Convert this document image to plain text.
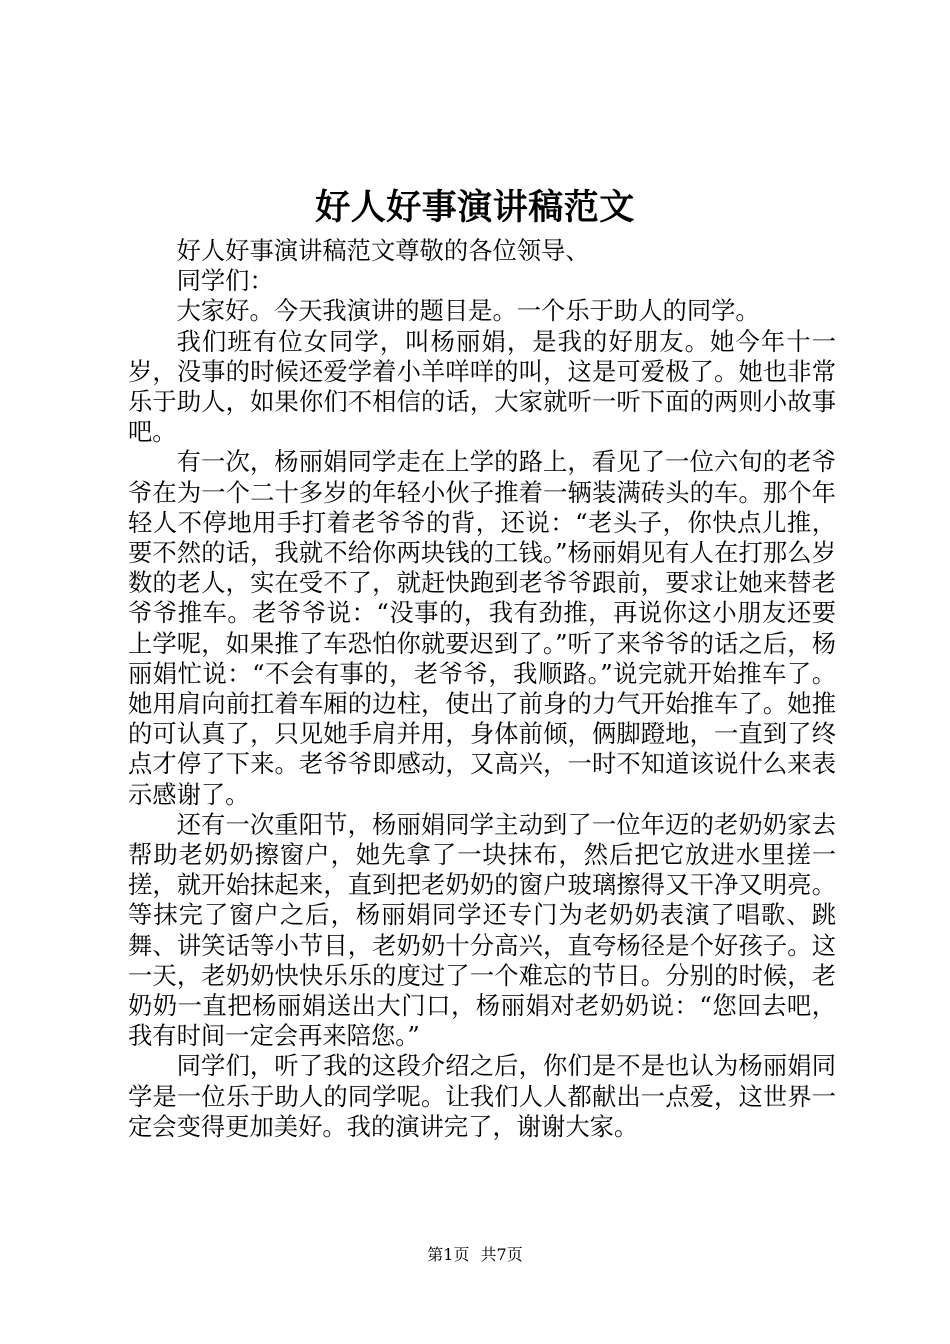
好人好事演讲稿范文

好人好事演讲稿范文尊敬的各位领导、

同学们：

大家好。今天我演讲的题目是。一个乐于助人的同学。

我们班有位女同学，叫杨丽娟，是我的好朋友。她今年十一岁，没事的时候还爱学着小羊咩咩的叫，这是可爱极了。她也非常乐于助人，如果你们不相信的话，大家就听一听下面的两则小故事吧。

有一次，杨丽娟同学走在上学的路上，看见了一位六旬的老爷爷在为一个二十多岁的年轻小伙子推着一辆装满砖头的车。那个年轻人不停地用手打着老爷爷的背，还说：“老头子，你快点儿推，要不然的话，我就不给你两块钱的工钱。”杨丽娟见有人在打那么岁数的老人，实在受不了，就赶快跑到老爷爷跟前，要求让她来替老爷爷推车。老爷爷说：“没事的，我有劲推，再说你这小朋友还要上学呢，如果推了车恐怕你就要迟到了。”听了来爷爷的话之后，杨丽娟忙说：“不会有事的，老爷爷，我顺路。”说完就开始推车了。她用肩向前扛着车厢的边柱，使出了前身的力气开始推车了。她推的可认真了，只见她手肩并用，身体前倾，俩脚蹬地，一直到了终点才停了下来。老爷爷即感动，又高兴，一时不知道该说什么来表示感谢了。

还有一次重阳节，杨丽娟同学主动到了一位年迈的老奶奶家去帮助老奶奶擦窗户，她先拿了一块抹布，然后把它放进水里搓一搓，就开始抹起来，直到把老奶奶的窗户玻璃擦得又干净又明亮。等抹完了窗户之后，杨丽娟同学还专门为老奶奶表演了唱歌、跳舞、讲笑话等小节目，老奶奶十分高兴，直夸杨径是个好孩子。这一天，老奶奶快快乐乐的度过了一个难忘的节日。分别的时候，老奶奶一直把杨丽娟送出大门口，杨丽娟对老奶奶说：“您回去吧，我有时间一定会再来陪您。”

同学们，听了我的这段介绍之后，你们是不是也认为杨丽娟同学是一位乐于助人的同学呢。让我们人人都献出一点爱，这世界一定会变得更加美好。我的演讲完了，谢谢大家。

第1页 共7页
